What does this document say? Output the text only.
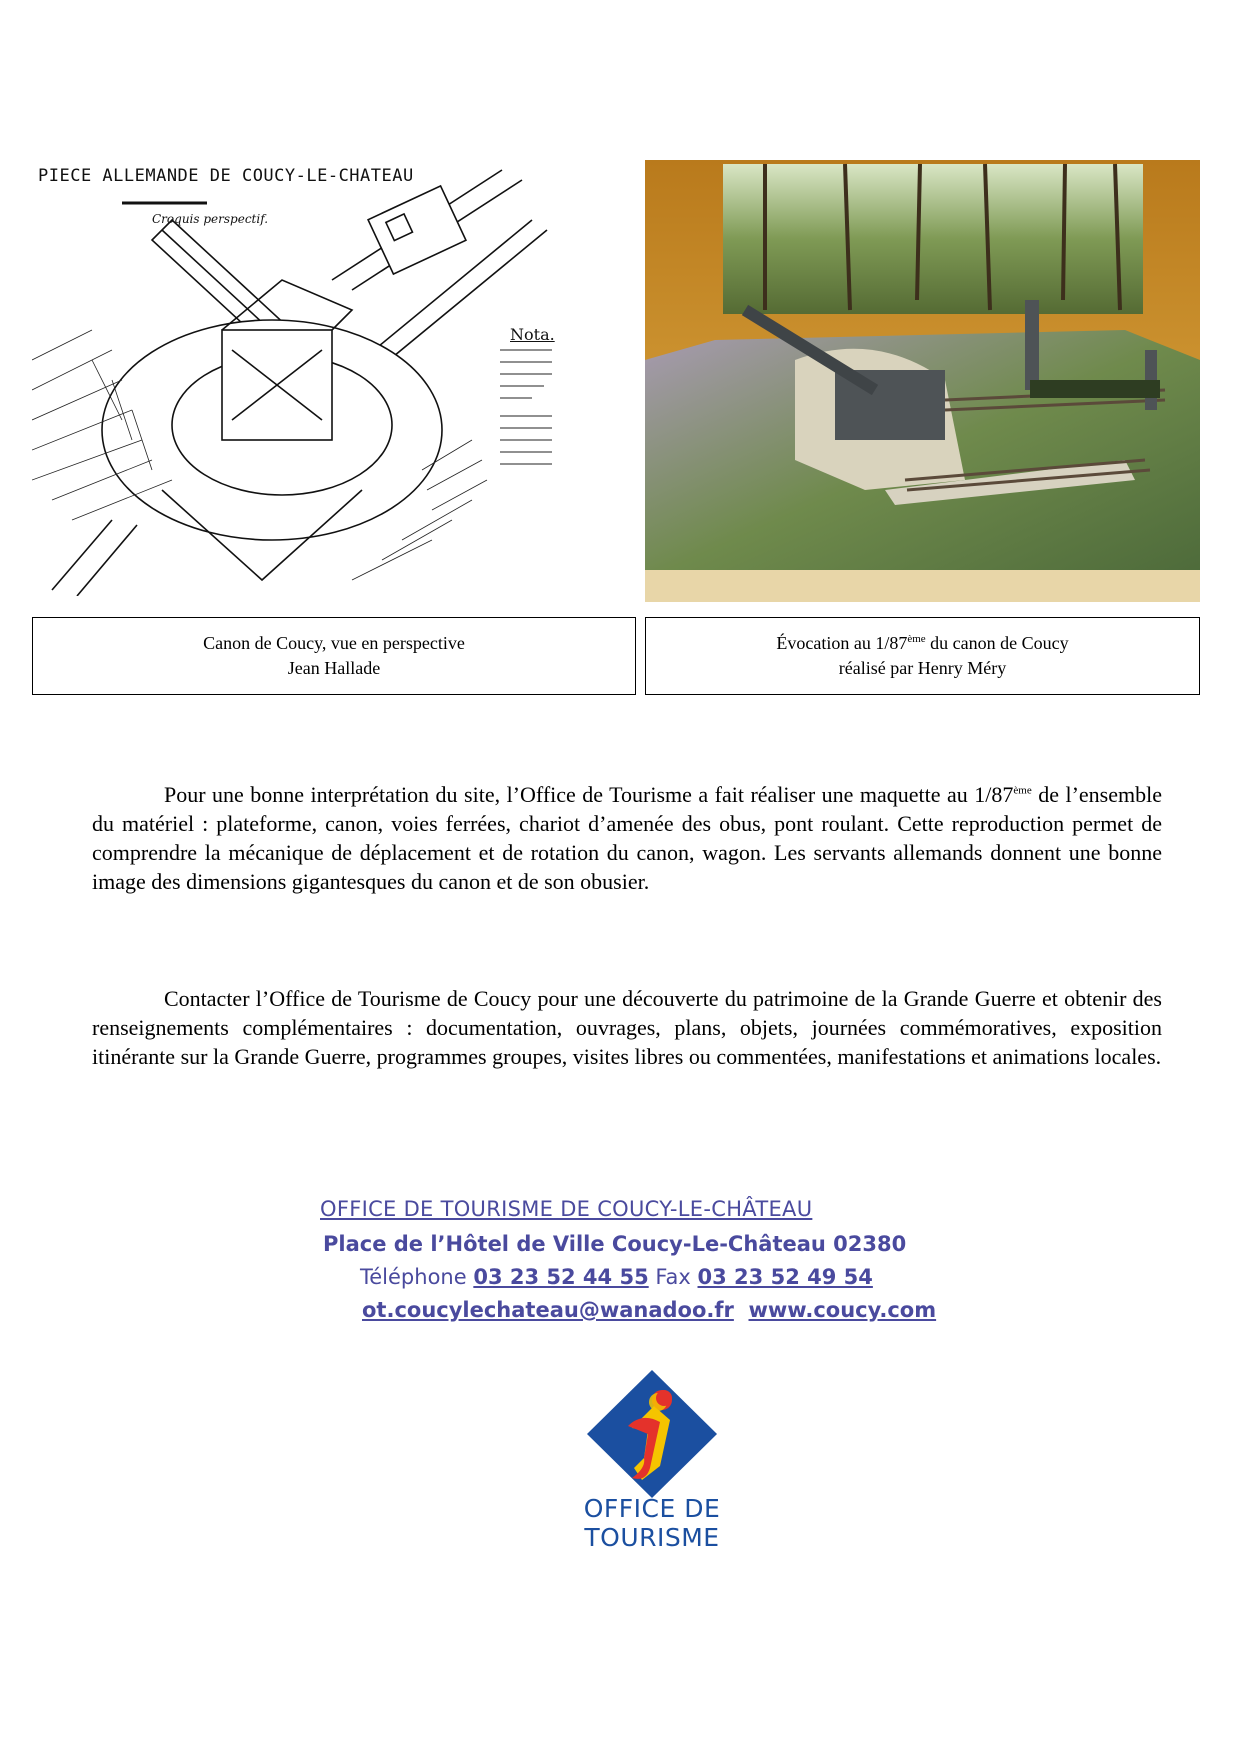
PIECE ALLEMANDE DE COUCY-LE-CHATEAU
Croquis perspectif.
Nota.
Canon de Coucy, vue en perspective
Jean Hallade
Évocation au 1/87ème du canon de Coucy
réalisé par Henry Méry
Pour une bonne interprétation du site, l’Office de Tourisme a fait réaliser une maquette au 1/87ème de l’ensemble du matériel : plateforme, canon, voies ferrées, chariot d’amenée des obus, pont roulant. Cette reproduction permet de comprendre la mécanique de déplacement et de rotation du canon, wagon. Les servants allemands donnent une bonne image des dimensions gigantesques du canon et de son obusier.
Contacter l’Office de Tourisme de Coucy pour une découverte du patrimoine de la Grande Guerre et obtenir des renseignements complémentaires : documentation, ouvrages, plans, objets, journées commémoratives, exposition itinérante sur la Grande Guerre, programmes groupes, visites libres ou commentées, manifestations et animations locales.
OFFICE DE TOURISME DE COUCY-LE-CHÂTEAU
Place de l’Hôtel de Ville Coucy-Le-Château 02380
Téléphone 03 23 52 44 55 Fax 03 23 52 49 54
ot.coucylechateau@wanadoo.fr www.coucy.com
OFFICE DE
TOURISME
